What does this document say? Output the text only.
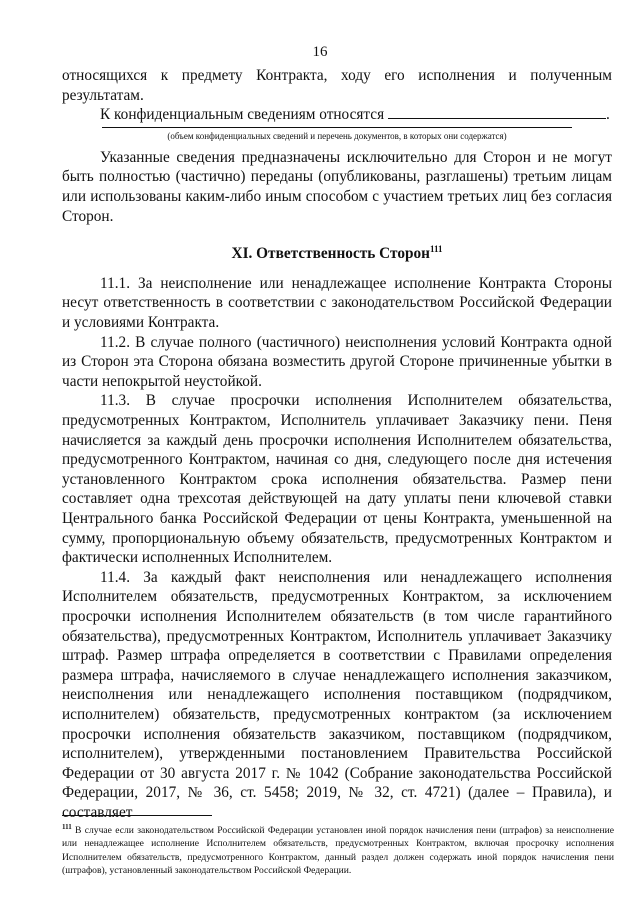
16

относящихся к предмету Контракта, ходу его исполнения и полученным результатам.

К конфиденциальным сведениям относятся	.

(объем конфиденциальных сведений и перечень документов, в которых они содержатся)

Указанные сведения предназначены исключительно для Сторон и не могут быть полностью (частично) переданы (опубликованы, разглашены) третьим лицам или использованы каким-либо иным способом с участием третьих лиц без согласия Сторон.

XI. Ответственность Сторон$^{111}$

11.1. За неисполнение или ненадлежащее исполнение Контракта Стороны несут ответственность в соответствии с законодательством Российской Федерации и условиями Контракта.

11.2. В случае полного (частичного) неисполнения условий Контракта одной из Сторон эта Сторона обязана возместить другой Стороне причиненные убытки в части непокрытой неустойкой.

11.3. В случае просрочки исполнения Исполнителем обязательства, предусмотренных Контрактом, Исполнитель уплачивает Заказчику пени. Пеня начисляется за каждый день просрочки исполнения Исполнителем обязательства, предусмотренного Контрактом, начиная со дня, следующего после дня истечения установленного Контрактом срока исполнения обязательства. Размер пени составляет одна трехсотая действующей на дату уплаты пени ключевой ставки Центрального банка Российской Федерации от цены Контракта, уменьшенной на сумму, пропорциональную объему обязательств, предусмотренных Контрактом и фактически исполненных Исполнителем.

11.4. За каждый факт неисполнения или ненадлежащего исполнения Исполнителем обязательств, предусмотренных Контрактом, за исключением просрочки исполнения Исполнителем обязательств (в том числе гарантийного обязательства), предусмотренных Контрактом, Исполнитель уплачивает Заказчику штраф. Размер штрафа определяется в соответствии с Правилами определения размера штрафа, начисляемого в случае ненадлежащего исполнения заказчиком, неисполнения или ненадлежащего исполнения поставщиком (подрядчиком, исполнителем) обязательств, предусмотренных контрактом (за исключением просрочки исполнения обязательств заказчиком, поставщиком (подрядчиком, исполнителем), утвержденными постановлением Правительства Российской Федерации от 30 августа 2017 г. № 1042 (Собрание законодательства Российской Федерации, 2017, № 36, ст. 5458; 2019, № 32, ст. 4721) (далее – Правила), и составляет

$^{111}$ В случае если законодательством Российской Федерации установлен иной порядок начисления пени (штрафов) за неисполнение или ненадлежащее исполнение Исполнителем обязательств, предусмотренных Контрактом, включая просрочку исполнения Исполнителем обязательств, предусмотренного Контрактом, данный раздел должен содержать иной порядок начисления пени (штрафов), установленный законодательством Российской Федерации.
